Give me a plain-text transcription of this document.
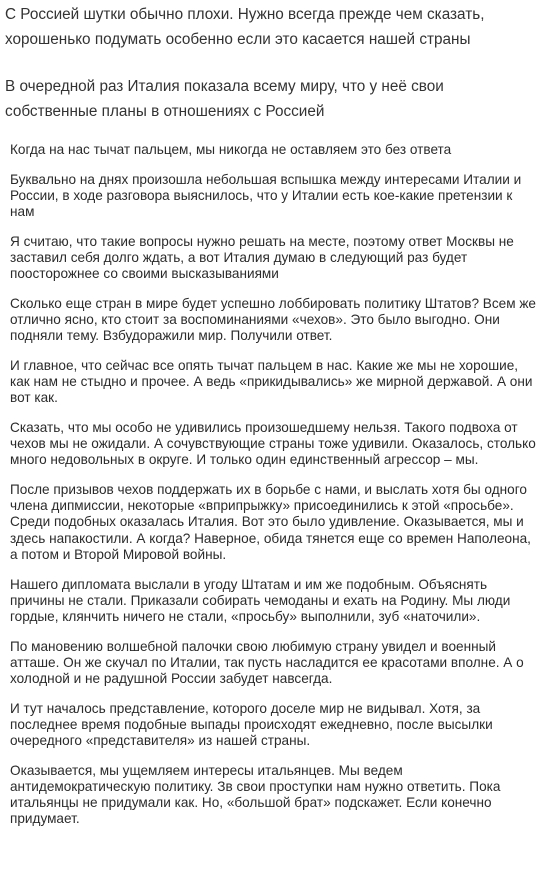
С Россией шутки обычно плохи. Нужно всегда прежде чем сказать, хорошенько подумать особенно если это касается нашей страны

В очередной раз Италия показала всему миру, что у неё свои собственные планы в отношениях с Россией

Когда на нас тычат пальцем, мы никогда не оставляем это без ответа

Буквально на днях произошла небольшая вспышка между интересами Италии и России, в ходе разговора выяснилось, что у Италии есть кое-какие претензии к нам

Я считаю, что такие вопросы нужно решать на месте, поэтому ответ Москвы не заставил себя долго ждать, а вот Италия думаю в следующий раз будет поосторожнее со своими высказываниями

Сколько еще стран в мире будет успешно лоббировать политику Штатов? Всем же отлично ясно, кто стоит за воспоминаниями «чехов». Это было выгодно. Они подняли тему. Взбудоражили мир. Получили ответ.

И главное, что сейчас все опять тычат пальцем в нас. Какие же мы не хорошие, как нам не стыдно и прочее. А ведь «прикидывались» же мирной державой. А они вот как.

Сказать, что мы особо не удивились произошедшему нельзя. Такого подвоха от чехов мы не ожидали. А сочувствующие страны тоже удивили. Оказалось, столько много недовольных в округе. И только один единственный агрессор – мы.

После призывов чехов поддержать их в борьбе с нами, и выслать хотя бы одного члена дипмиссии, некоторые «вприпрыжку» присоединились к этой «просьбе». Среди подобных оказалась Италия. Вот это было удивление. Оказывается, мы и здесь напакостили. А когда? Наверное, обида тянется еще со времен Наполеона, а потом и Второй Мировой войны.

Нашего дипломата выслали в угоду Штатам и им же подобным. Объяснять причины не стали. Приказали собирать чемоданы и ехать на Родину. Мы люди гордые, клянчить ничего не стали, «просьбу» выполнили, зуб «наточили».

По мановению волшебной палочки свою любимую страну увидел и военный атташе. Он же скучал по Италии, так пусть насладится ее красотами вполне. А о холодной и не радушной России забудет навсегда.

И тут началось представление, которого доселе мир не видывал. Хотя, за последнее время подобные выпады происходят ежедневно, после высылки очередного «представителя» из нашей страны.

Оказывается, мы ущемляем интересы итальянцев. Мы ведем антидемократическую политику. Зв свои проступки нам нужно ответить. Пока итальянцы не придумали как. Но, «большой брат» подскажет. Если конечно придумает.
